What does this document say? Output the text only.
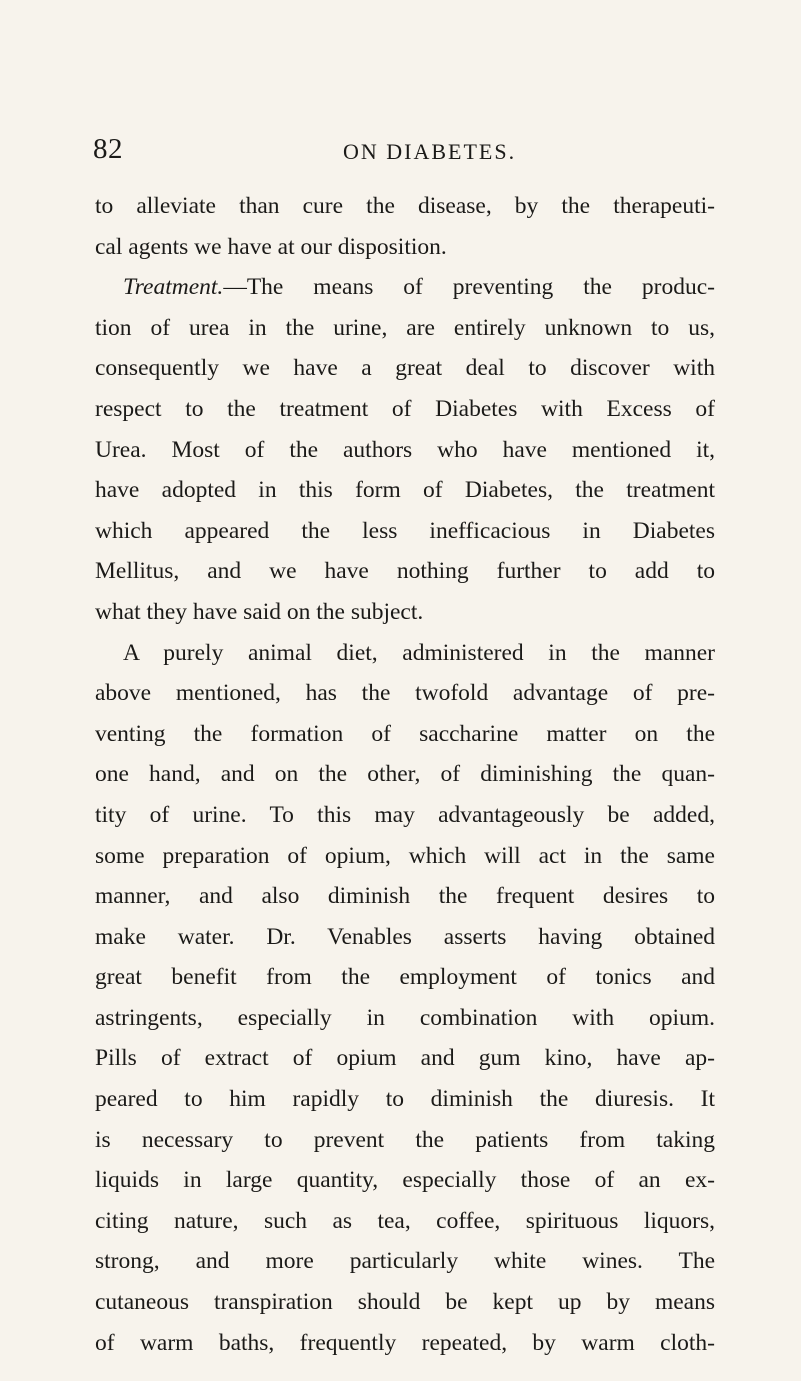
82	ON DIABETES.
to alleviate than cure the disease, by the therapeuti-
cal agents we have at our disposition.
Treatment.—The means of preventing the produc-
tion of urea in the urine, are entirely unknown to us,
consequently we have a great deal to discover with
respect to the treatment of Diabetes with Excess of
Urea. Most of the authors who have mentioned it,
have adopted in this form of Diabetes, the treatment
which appeared the less inefficacious in Diabetes
Mellitus, and we have nothing further to add to
what they have said on the subject.
A purely animal diet, administered in the manner
above mentioned, has the twofold advantage of pre-
venting the formation of saccharine matter on the
one hand, and on the other, of diminishing the quan-
tity of urine. To this may advantageously be added,
some preparation of opium, which will act in the same
manner, and also diminish the frequent desires to
make water. Dr. Venables asserts having obtained
great benefit from the employment of tonics and
astringents, especially in combination with opium.
Pills of extract of opium and gum kino, have ap-
peared to him rapidly to diminish the diuresis. It
is necessary to prevent the patients from taking
liquids in large quantity, especially those of an ex-
citing nature, such as tea, coffee, spirituous liquors,
strong, and more particularly white wines. The
cutaneous transpiration should be kept up by means
of warm baths, frequently repeated, by warm cloth-
